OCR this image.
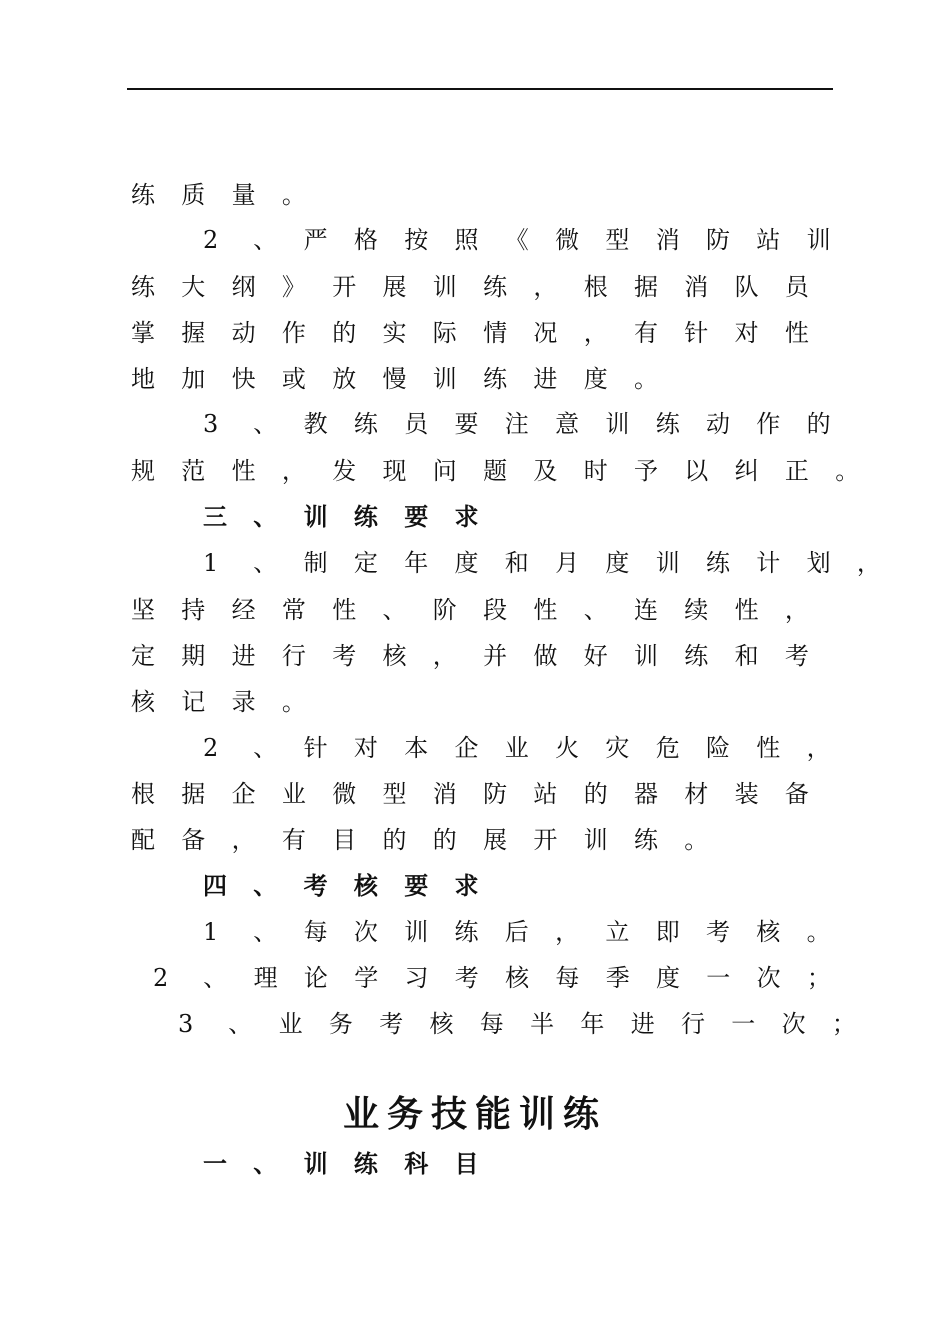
练	质	量	。
2	、	严	格	按	照	《	微	型	消	防	站	训
练	大	纲	》	开	展	训	练	，	根	据	消	队	员
掌	握	动	作	的	实	际	情	况	，	有	针	对	性
地	加	快	或	放	慢	训	练	进	度	。
3	、	教	练	员	要	注	意	训	练	动	作	的
规	范	性	，	发	现	问	题	及	时	予	以	纠	正	。
三	、	训	练	要	求
1	、	制	定	年	度	和	月	度	训	练	计	划	，
坚	持	经	常	性	、	阶	段	性	、	连	续	性	，
定	期	进	行	考	核	，	并	做	好	训	练	和	考
核	记	录	。
2	、	针	对	本	企	业	火	灾	危	险	性	，
根	据	企	业	微	型	消	防	站	的	器	材	装	备
配	备	，	有	目	的	的	展	开	训	练	。
四	、	考	核	要	求
1	、	每	次	训	练	后	，	立	即	考	核	。
2	、	理	论	学	习	考	核	每	季	度	一	次	；
3	、	业	务	考	核	每	半	年	进	行	一	次	；
一	、	训	练	科	目
业务技能训练
